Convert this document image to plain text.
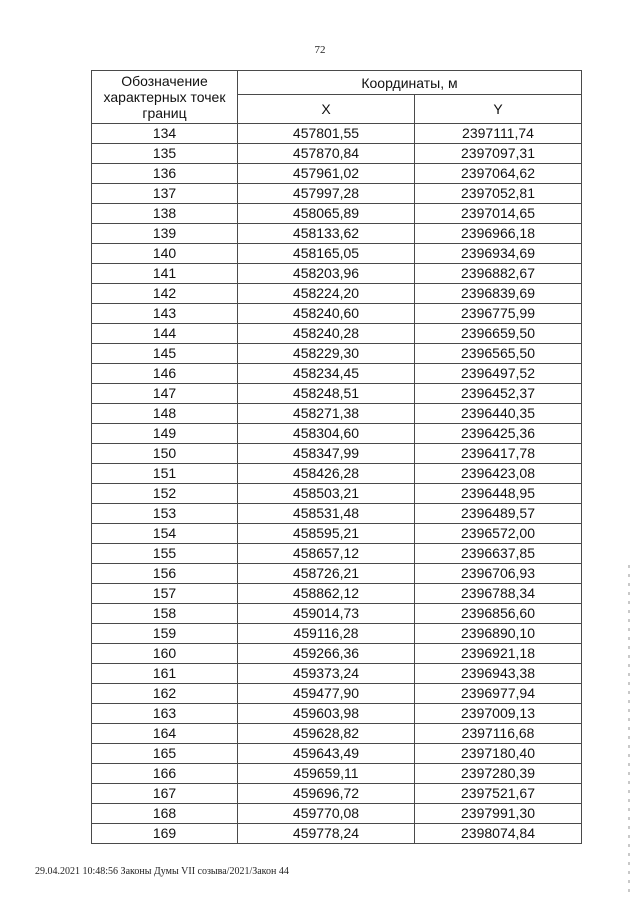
72
Обозначение характерных точек границ	Координаты, м	
	X	Y
134	457801,55	2397111,74
135	457870,84	2397097,31
136	457961,02	2397064,62
137	457997,28	2397052,81
138	458065,89	2397014,65
139	458133,62	2396966,18
140	458165,05	2396934,69
141	458203,96	2396882,67
142	458224,20	2396839,69
143	458240,60	2396775,99
144	458240,28	2396659,50
145	458229,30	2396565,50
146	458234,45	2396497,52
147	458248,51	2396452,37
148	458271,38	2396440,35
149	458304,60	2396425,36
150	458347,99	2396417,78
151	458426,28	2396423,08
152	458503,21	2396448,95
153	458531,48	2396489,57
154	458595,21	2396572,00
155	458657,12	2396637,85
156	458726,21	2396706,93
157	458862,12	2396788,34
158	459014,73	2396856,60
159	459116,28	2396890,10
160	459266,36	2396921,18
161	459373,24	2396943,38
162	459477,90	2396977,94
163	459603,98	2397009,13
164	459628,82	2397116,68
165	459643,49	2397180,40
166	459659,11	2397280,39
167	459696,72	2397521,67
168	459770,08	2397991,30
169	459778,24	2398074,84
29.04.2021 10:48:56 Законы Думы VII созыва/2021/Закон 44
